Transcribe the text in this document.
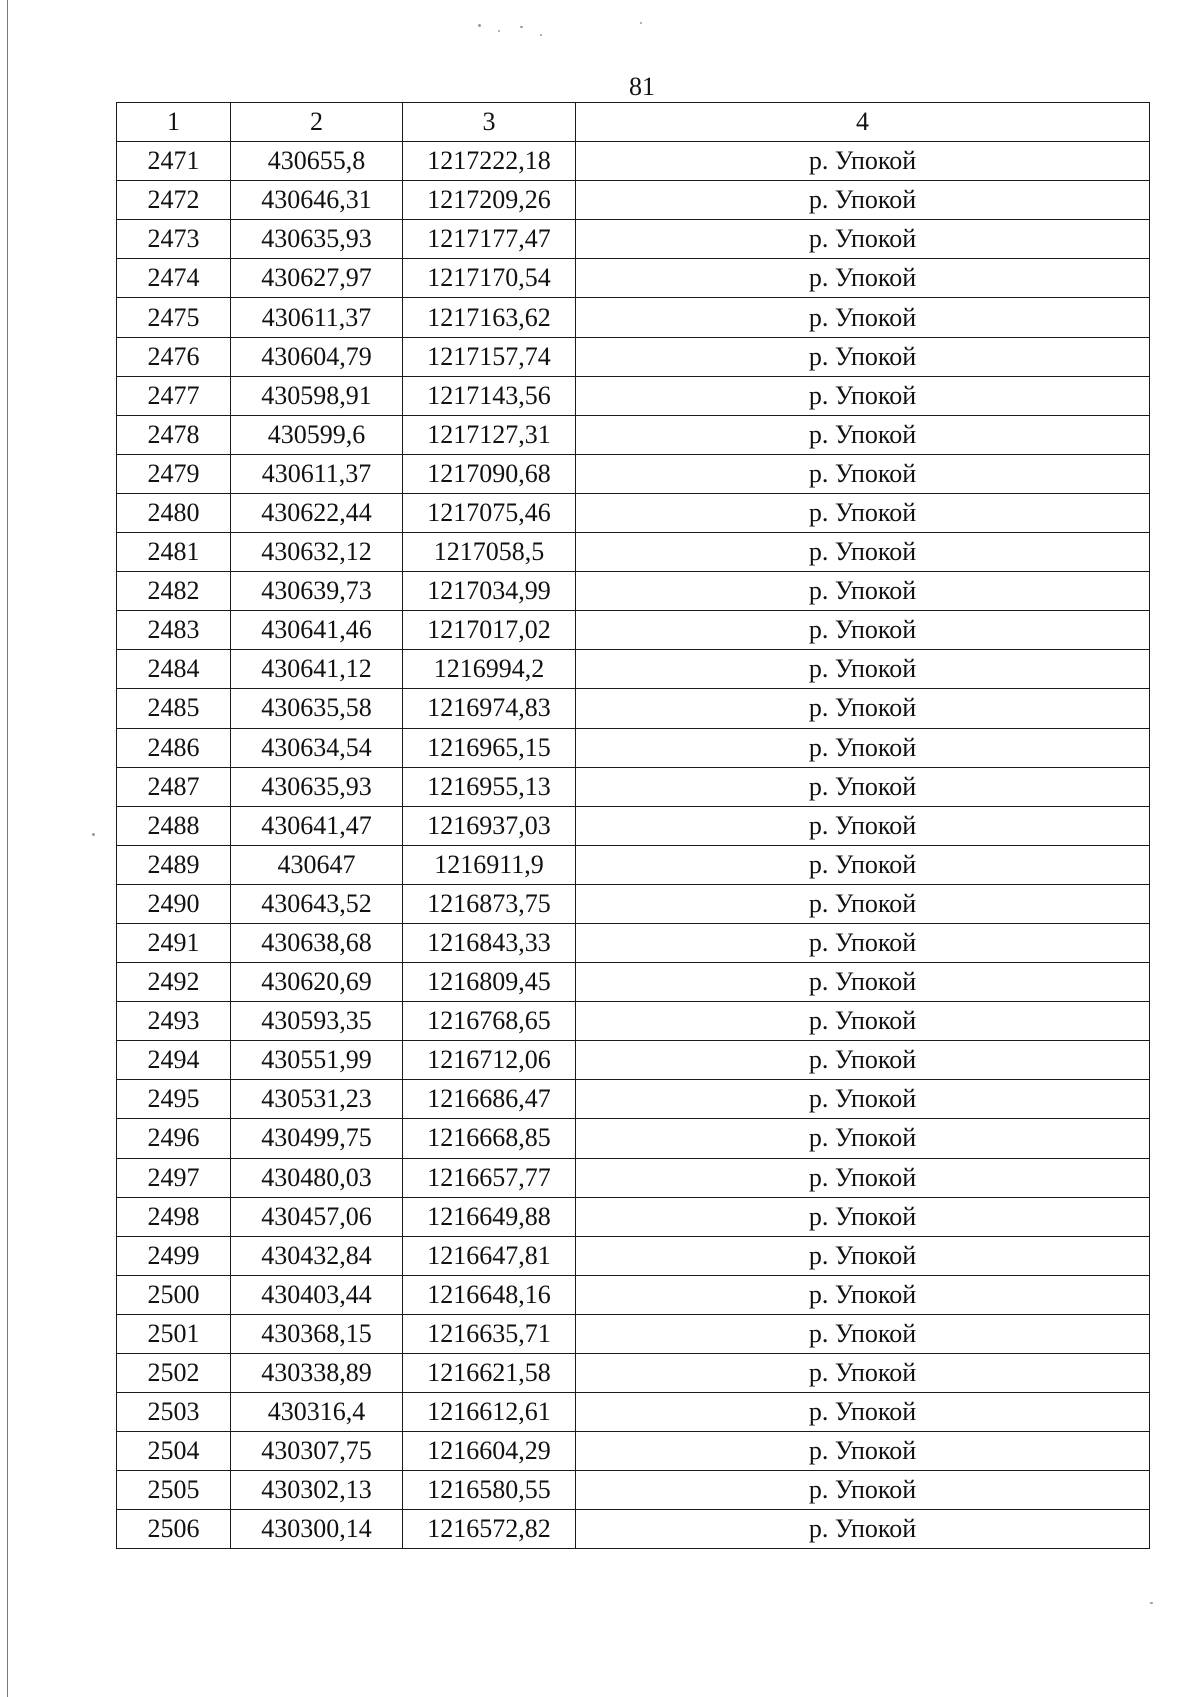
81
1	2	3	4
2471	430655,8	1217222,18	р. Упокой
2472	430646,31	1217209,26	р. Упокой
2473	430635,93	1217177,47	р. Упокой
2474	430627,97	1217170,54	р. Упокой
2475	430611,37	1217163,62	р. Упокой
2476	430604,79	1217157,74	р. Упокой
2477	430598,91	1217143,56	р. Упокой
2478	430599,6	1217127,31	р. Упокой
2479	430611,37	1217090,68	р. Упокой
2480	430622,44	1217075,46	р. Упокой
2481	430632,12	1217058,5	р. Упокой
2482	430639,73	1217034,99	р. Упокой
2483	430641,46	1217017,02	р. Упокой
2484	430641,12	1216994,2	р. Упокой
2485	430635,58	1216974,83	р. Упокой
2486	430634,54	1216965,15	р. Упокой
2487	430635,93	1216955,13	р. Упокой
2488	430641,47	1216937,03	р. Упокой
2489	430647	1216911,9	р. Упокой
2490	430643,52	1216873,75	р. Упокой
2491	430638,68	1216843,33	р. Упокой
2492	430620,69	1216809,45	р. Упокой
2493	430593,35	1216768,65	р. Упокой
2494	430551,99	1216712,06	р. Упокой
2495	430531,23	1216686,47	р. Упокой
2496	430499,75	1216668,85	р. Упокой
2497	430480,03	1216657,77	р. Упокой
2498	430457,06	1216649,88	р. Упокой
2499	430432,84	1216647,81	р. Упокой
2500	430403,44	1216648,16	р. Упокой
2501	430368,15	1216635,71	р. Упокой
2502	430338,89	1216621,58	р. Упокой
2503	430316,4	1216612,61	р. Упокой
2504	430307,75	1216604,29	р. Упокой
2505	430302,13	1216580,55	р. Упокой
2506	430300,14	1216572,82	р. Упокой
